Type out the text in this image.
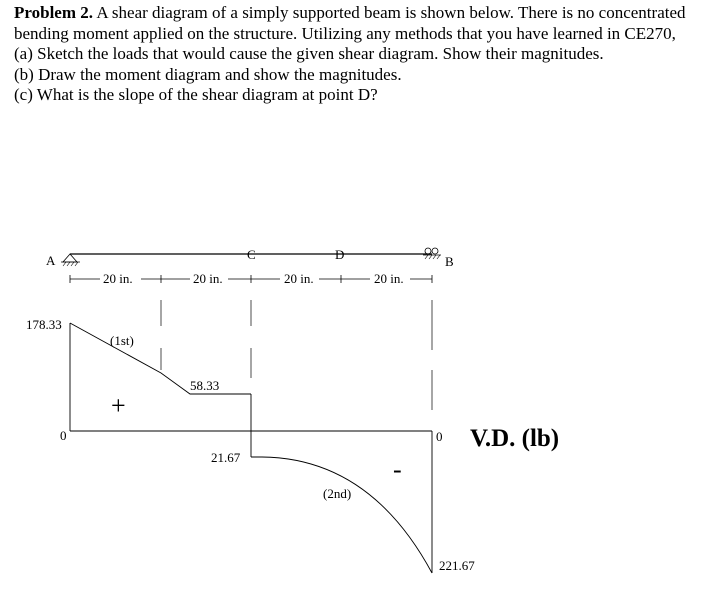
Problem 2. A shear diagram of a simply supported beam is shown below. There is no concentrated bending moment applied on the structure. Utilizing any methods that you have learned in CE270,

(a) Sketch the loads that would cause the given shear diagram. Show their magnitudes.

(b) Draw the moment diagram and show the magnitudes.

(c) What is the slope of the shear diagram at point D?

A	B
C	D
20 in.	20 in.	20 in.	20 in.
178.33
0
(1st)
+
58.33
21.67
(2nd)
-
0
221.67
V.D. (lb)
